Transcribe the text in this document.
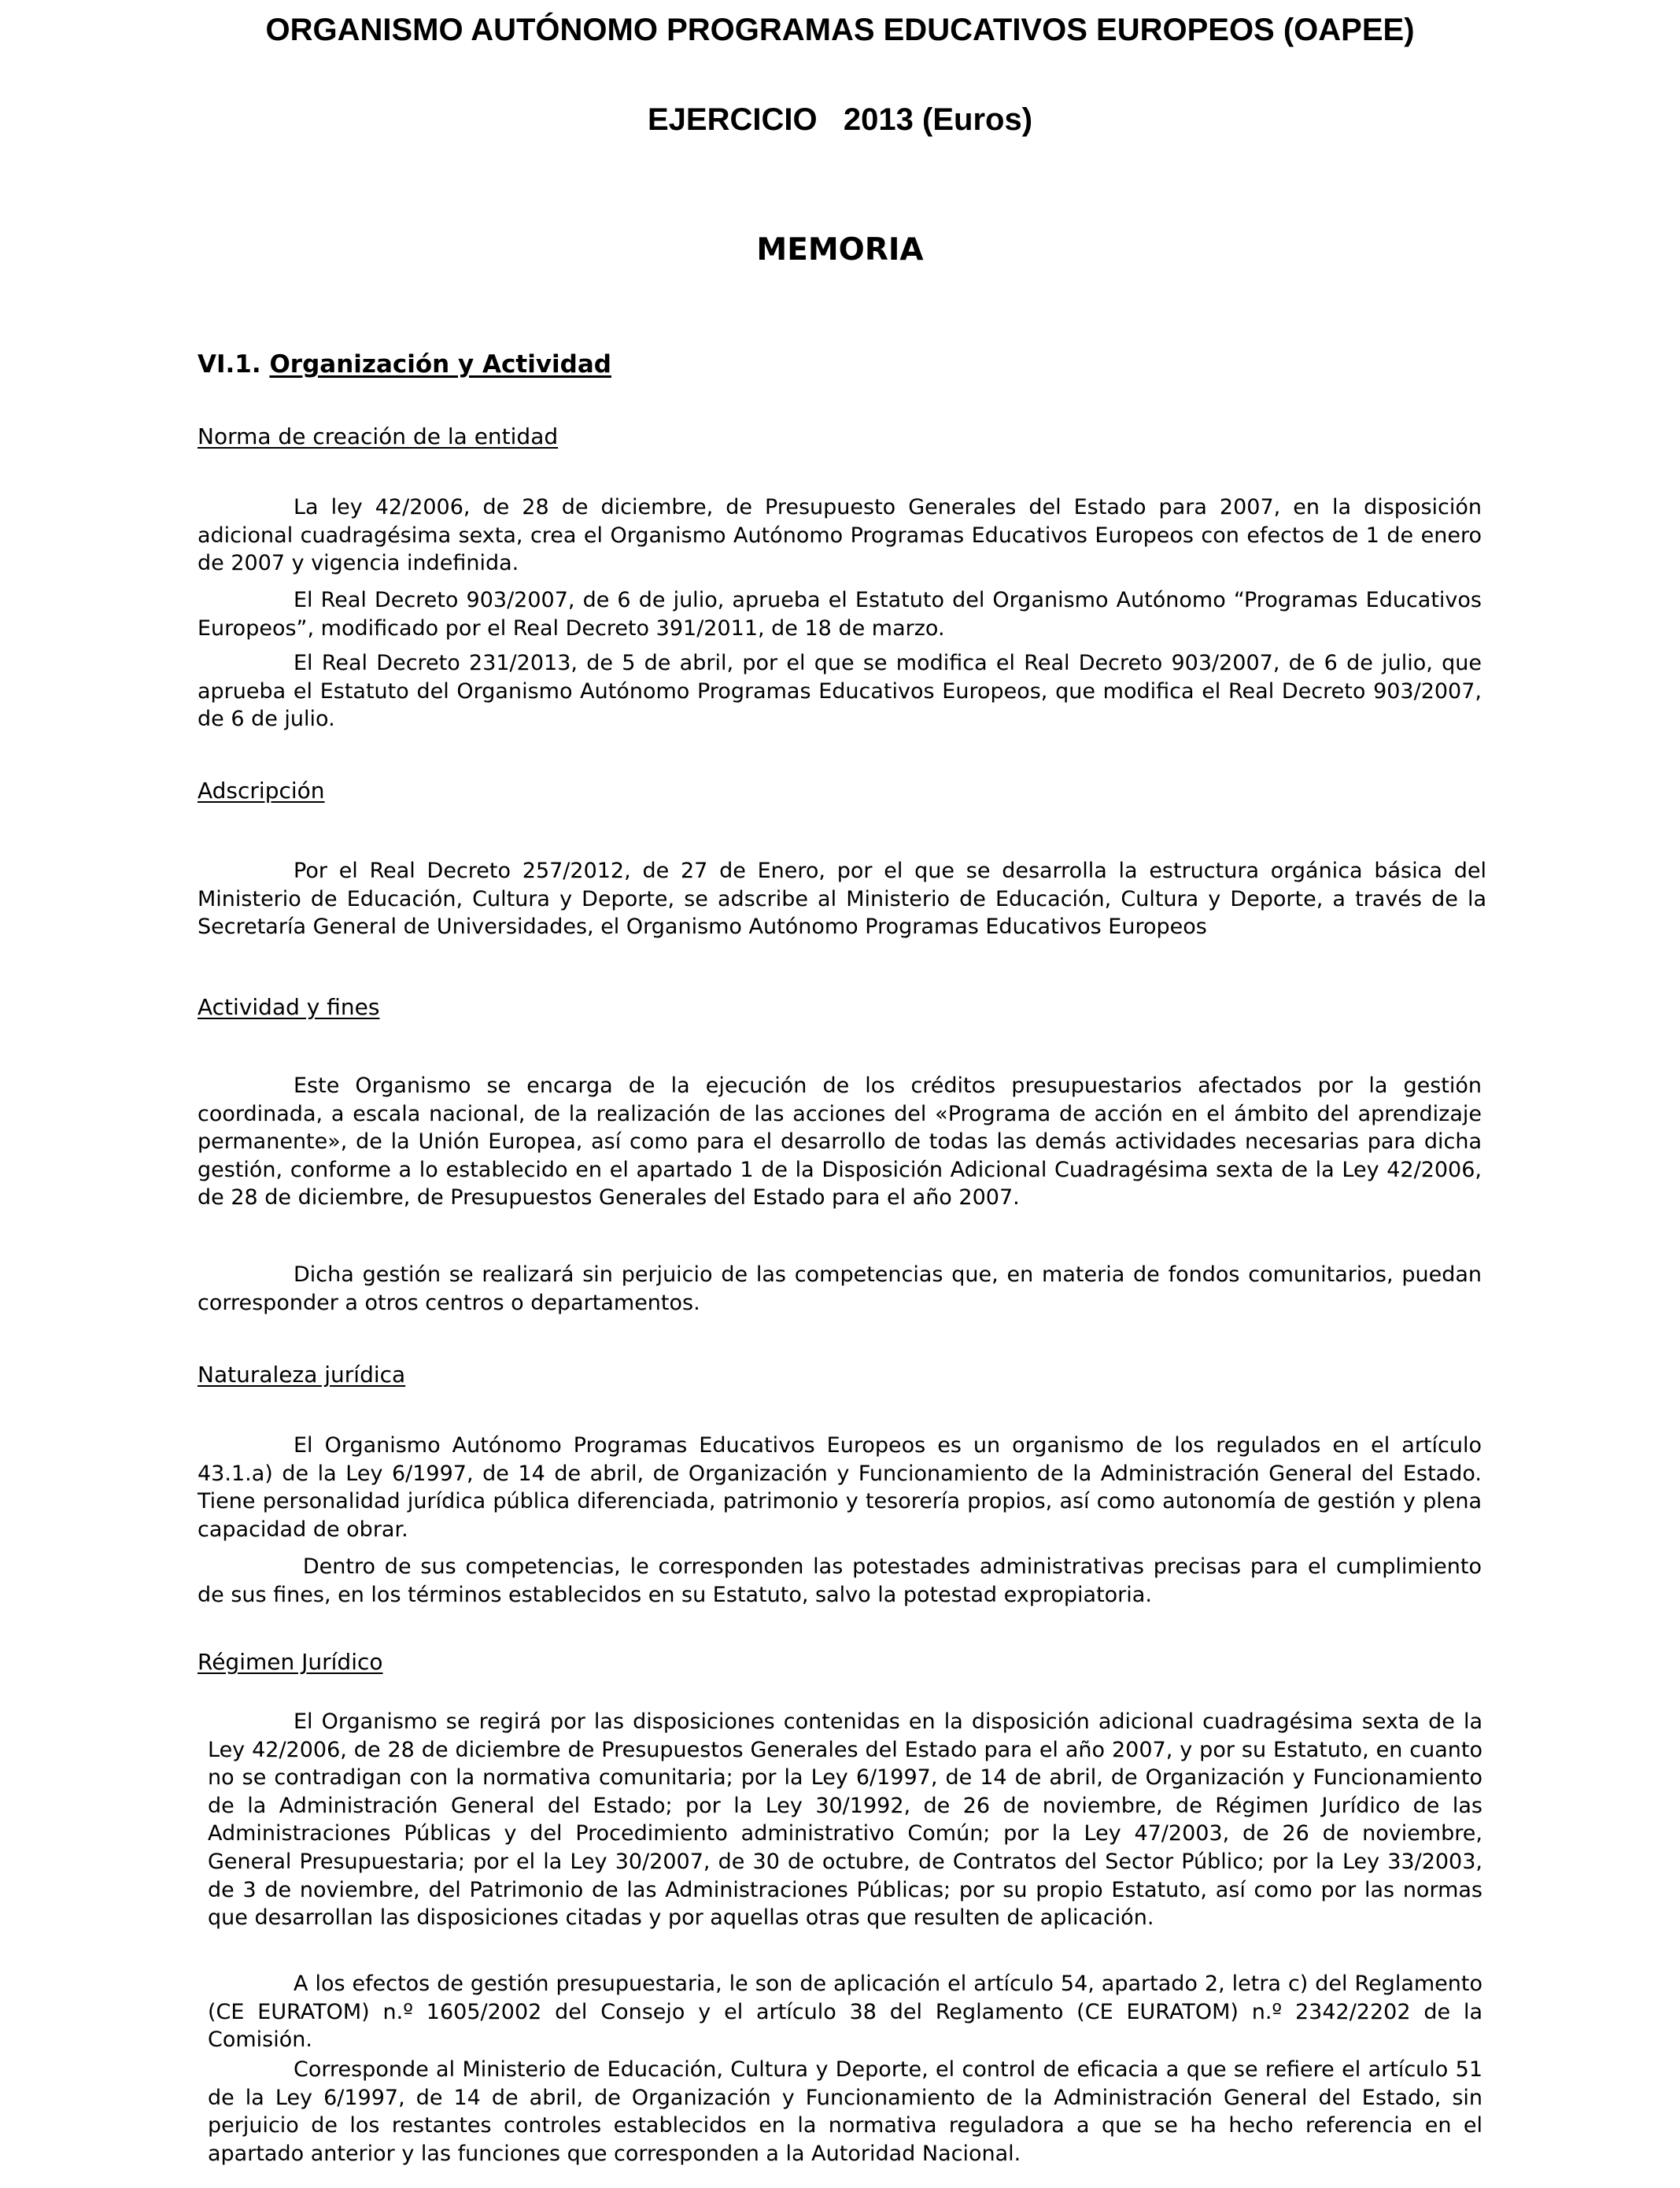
ORGANISMO AUTÓNOMO PROGRAMAS EDUCATIVOS EUROPEOS (OAPEE)
EJERCICIO   2013 (Euros)
MEMORIA
VI.1. Organización y Actividad
Norma de creación de la entidad

La ley 42/2006, de 28 de diciembre, de Presupuesto Generales del Estado para 2007, en la disposición adicional cuadragésima sexta, crea el Organismo Autónomo Programas Educativos Europeos con efectos de 1 de enero de 2007 y vigencia indefinida.

El Real Decreto 903/2007, de 6 de julio, aprueba el Estatuto del Organismo Autónomo “Programas Educativos Europeos”, modificado por el Real Decreto 391/2011, de 18 de marzo.

El Real Decreto 231/2013, de 5 de abril, por el que se modifica el Real Decreto 903/2007, de 6 de julio, que aprueba el Estatuto del Organismo Autónomo Programas Educativos Europeos, que modifica el Real Decreto 903/2007, de 6 de julio.

Adscripción

Por el Real Decreto 257/2012, de 27 de Enero, por el que se desarrolla la estructura orgánica básica del Ministerio de Educación, Cultura y Deporte, se adscribe al Ministerio de Educación, Cultura y Deporte, a través de la Secretaría General de Universidades, el Organismo Autónomo Programas Educativos Europeos

Actividad y fines

Este Organismo se encarga de la ejecución de los créditos presupuestarios afectados por la gestión coordinada, a escala nacional, de la realización de las acciones del «Programa de acción en el ámbito del aprendizaje permanente», de la Unión Europea, así como para el desarrollo de todas las demás actividades necesarias para dicha gestión, conforme a lo establecido en el apartado 1 de la Disposición Adicional Cuadragésima sexta de la Ley 42/2006, de 28 de diciembre, de Presupuestos Generales del Estado para el año 2007.

Dicha gestión se realizará sin perjuicio de las competencias que, en materia de fondos comunitarios, puedan corresponder a otros centros o departamentos.

Naturaleza jurídica

El Organismo Autónomo Programas Educativos Europeos es un organismo de los regulados en el artículo 43.1.a) de la Ley 6/1997, de 14 de abril, de Organización y Funcionamiento de la Administración General del Estado. Tiene personalidad jurídica pública diferenciada, patrimonio y tesorería propios, así como autonomía de gestión y plena capacidad de obrar.

Dentro de sus competencias, le corresponden las potestades administrativas precisas para el cumplimiento de sus fines, en los términos establecidos en su Estatuto, salvo la potestad expropiatoria.

Régimen Jurídico

El Organismo se regirá por las disposiciones contenidas en la disposición adicional cuadragésima sexta de la Ley 42/2006, de 28 de diciembre de Presupuestos Generales del Estado para el año 2007, y por su Estatuto, en cuanto no se contradigan con la normativa comunitaria; por la Ley 6/1997, de 14 de abril, de Organización y Funcionamiento de la Administración General del Estado; por la Ley 30/1992, de 26 de noviembre, de Régimen Jurídico de las Administraciones Públicas y del Procedimiento administrativo Común; por la Ley 47/2003, de 26 de noviembre, General Presupuestaria; por el la Ley 30/2007, de 30 de octubre, de Contratos del Sector Público; por la Ley 33/2003, de 3 de noviembre, del Patrimonio de las Administraciones Públicas; por su propio Estatuto, así como por las normas que desarrollan las disposiciones citadas y por aquellas otras que resulten de aplicación.

A los efectos de gestión presupuestaria, le son de aplicación el artículo 54, apartado 2, letra c) del Reglamento (CE EURATOM) n.º 1605/2002 del Consejo y el artículo 38 del Reglamento (CE EURATOM) n.º 2342/2202 de la Comisión.

Corresponde al Ministerio de Educación, Cultura y Deporte, el control de eficacia a que se refiere el artículo 51 de la Ley 6/1997, de 14 de abril, de Organización y Funcionamiento de la Administración General del Estado, sin perjuicio de los restantes controles establecidos en la normativa reguladora a que se ha hecho referencia en el apartado anterior y las funciones que corresponden a la Autoridad Nacional.
